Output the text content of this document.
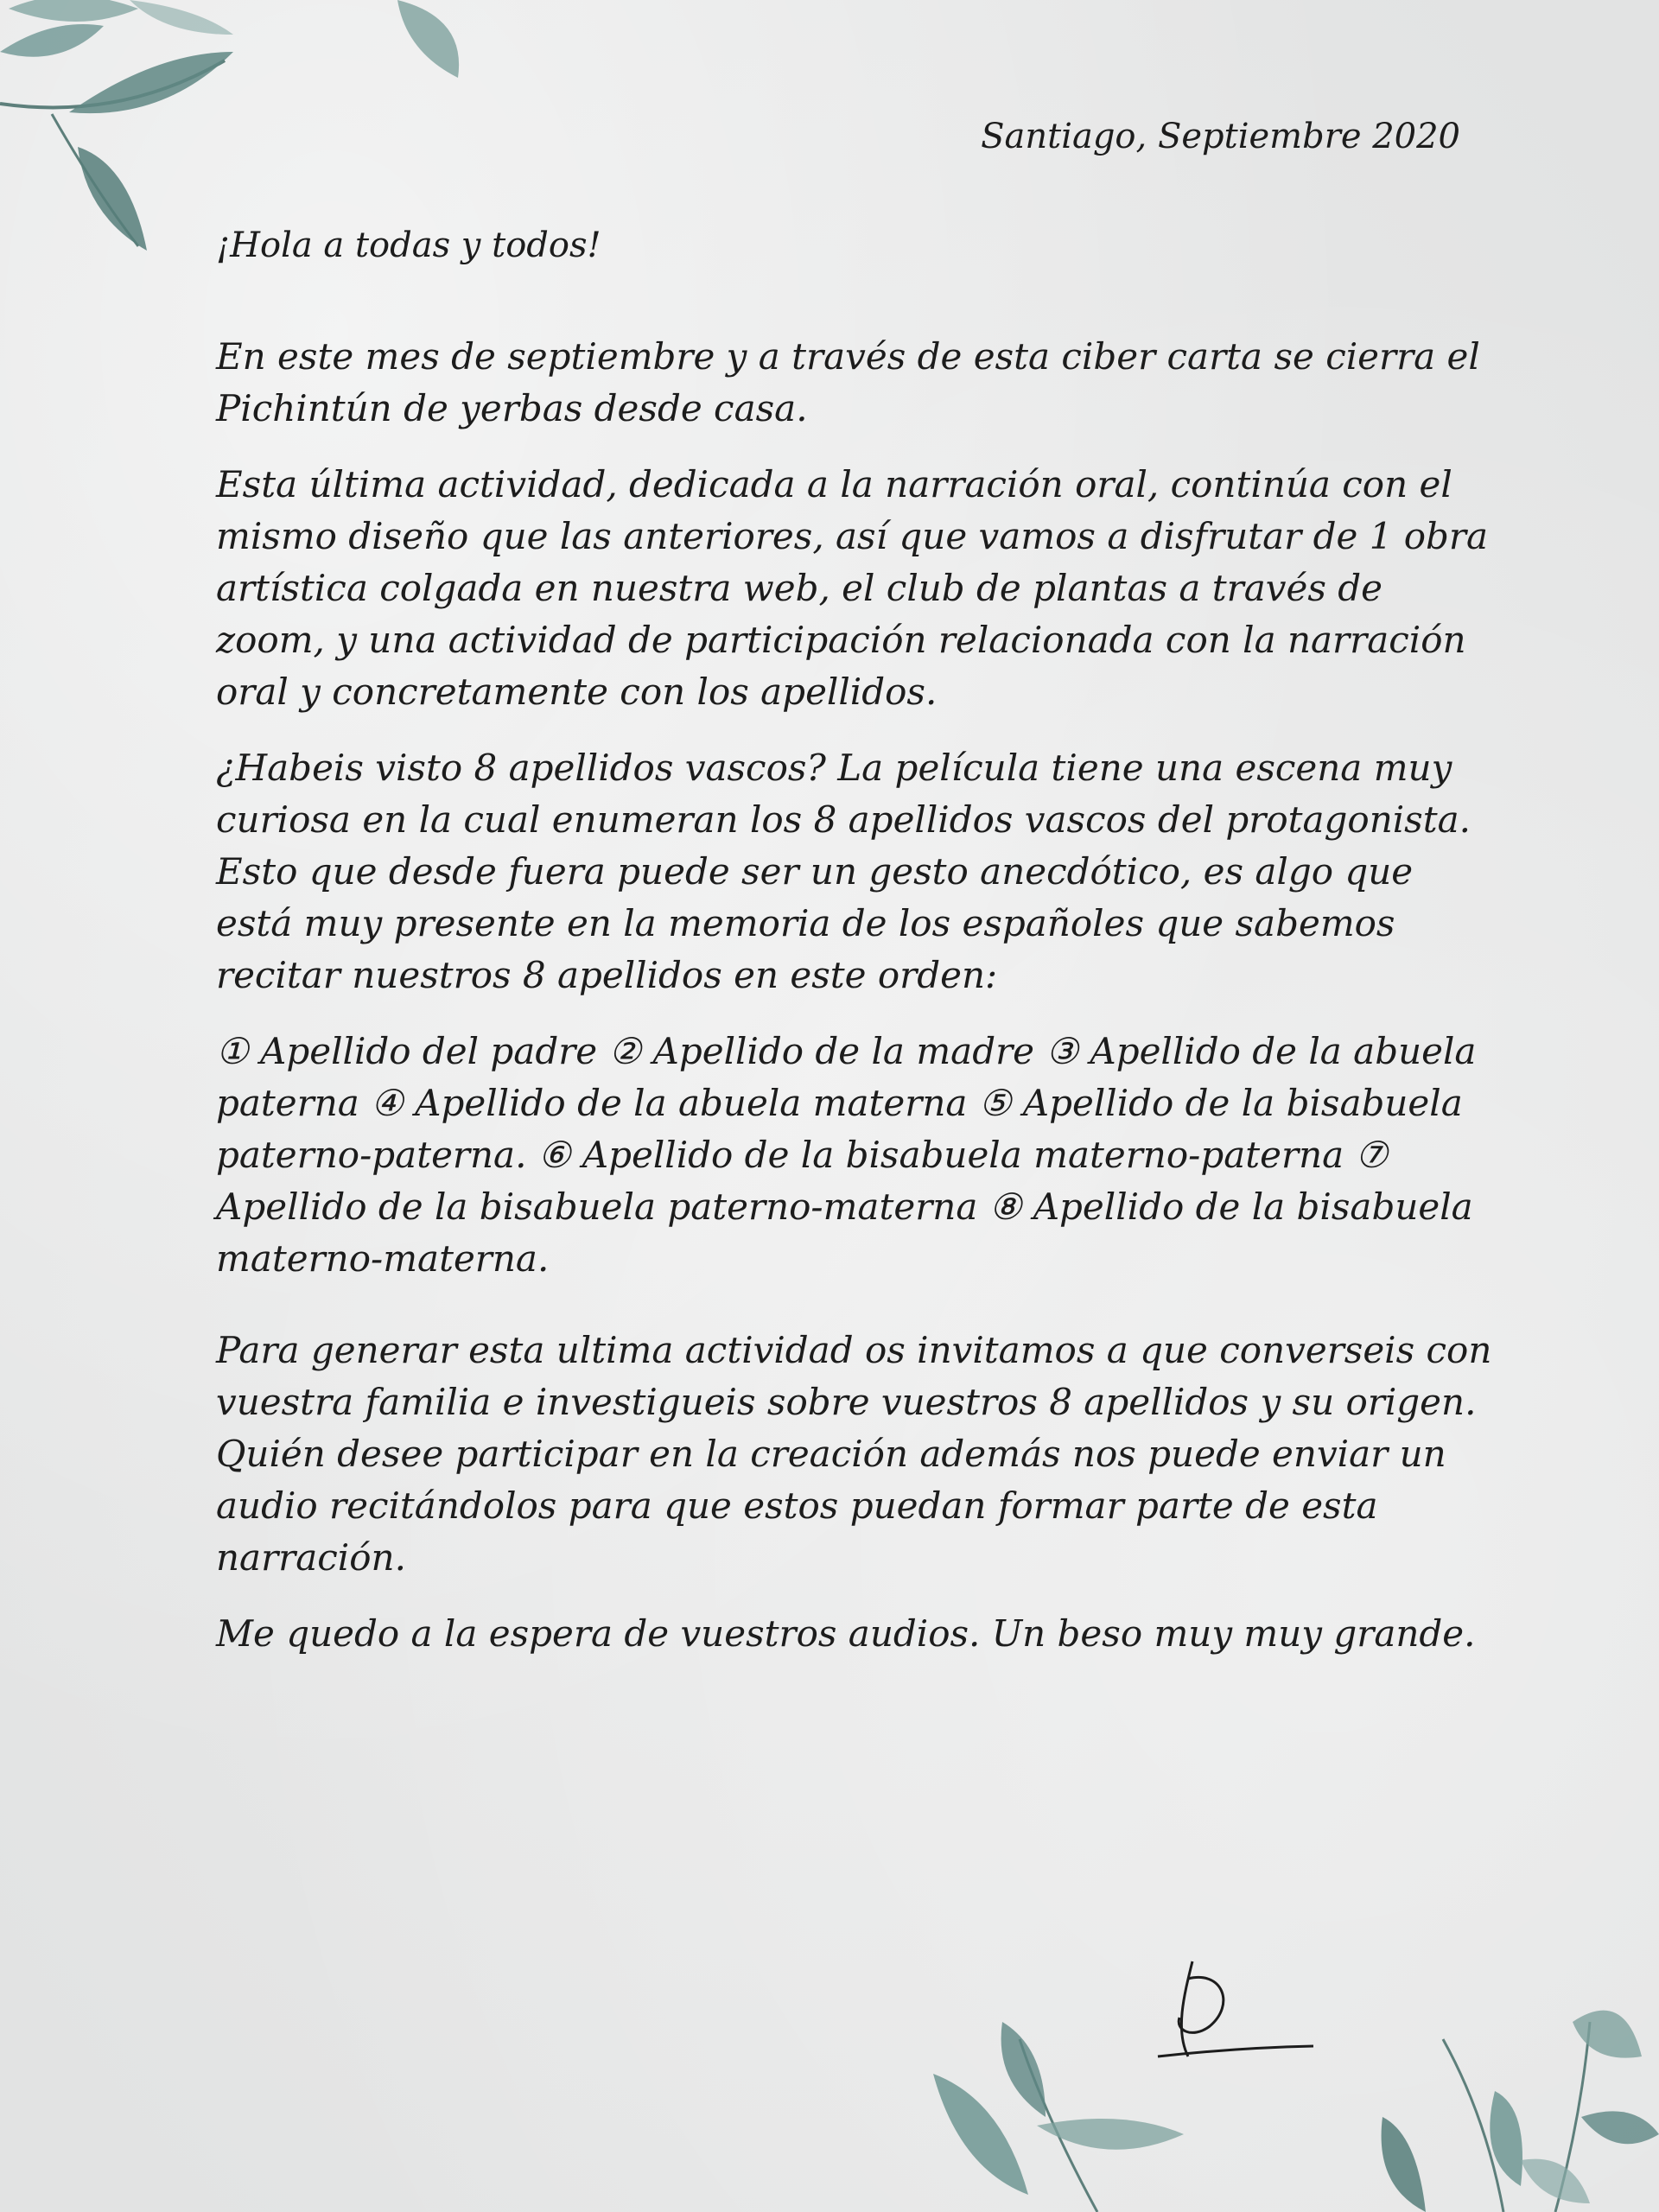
Santiago, Septiembre 2020
¡Hola a todas y todos!

En este mes de septiembre y a través de esta ciber carta se cierra el Pichintún de yerbas desde casa.

Esta última actividad, dedicada a la narración oral, continúa con el mismo diseño que las anteriores, así que vamos a disfrutar de 1 obra artística colgada en nuestra web, el club de plantas a través de zoom, y una actividad de participación relacionada con la narración oral y concretamente con los apellidos.

¿Habeis visto 8 apellidos vascos? La película tiene una escena muy curiosa en la cual enumeran los 8 apellidos vascos del protagonista. Esto que desde fuera puede ser un gesto anecdótico, es algo que está muy presente en la memoria de los españoles que sabemos recitar nuestros 8 apellidos en este orden:

① Apellido del padre ② Apellido de la madre ③ Apellido de la abuela paterna ④ Apellido de la abuela materna ⑤ Apellido de la bisabuela paterno-paterna. ⑥ Apellido de la bisabuela materno-paterna ⑦ Apellido de la bisabuela paterno-materna ⑧ Apellido de la bisabuela materno-materna.

Para generar esta ultima actividad os invitamos a que converseis con vuestra familia e investigueis sobre vuestros 8 apellidos y su origen. Quién desee participar en la creación además nos puede enviar un audio recitándolos para que estos puedan formar parte de esta narración.

Me quedo a la espera de vuestros audios. Un beso muy muy grande.
